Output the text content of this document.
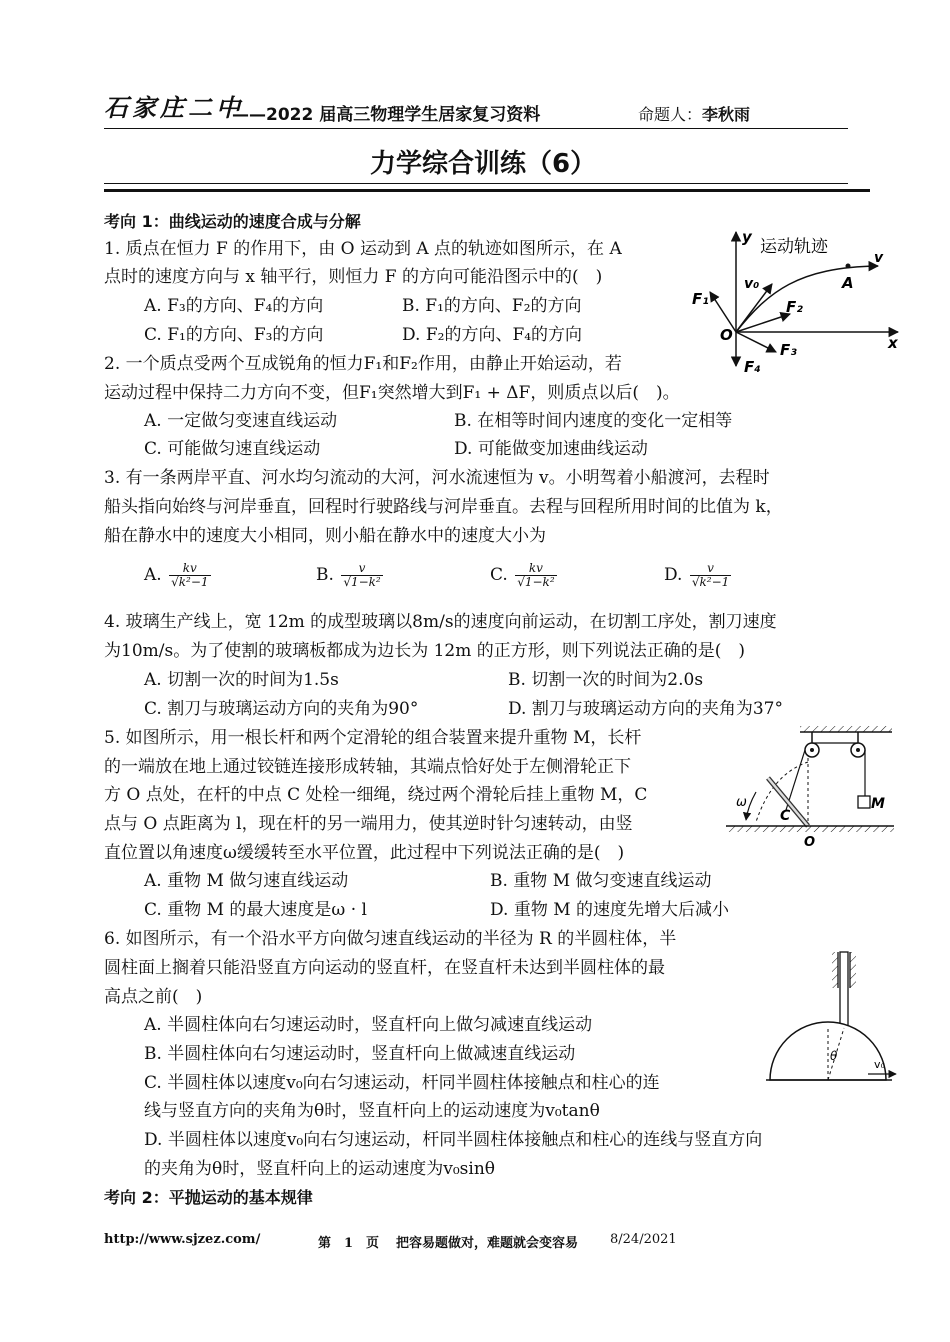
石家庄二中
——2022 届高三物理学生居家复习资料	命题人：李秋雨
力学综合训练（6）
考向 1：曲线运动的速度合成与分解
1. 质点在恒力 F 的作用下，由 O 运动到 A 点的轨迹如图所示，在 A
点时的速度方向与 x 轴平行，则恒力 F 的方向可能沿图示中的(　)
A. F₃的方向、F₄的方向	B. F₁的方向、F₂的方向
C. F₁的方向、F₃的方向	D. F₂的方向、F₄的方向
运动轨迹
y
x
v₀
v
A
O
F₁	F₂
F₃
F₄
2. 一个质点受两个互成锐角的恒力F₁和F₂作用，由静止开始运动，若
运动过程中保持二力方向不变，但F₁突然增大到F₁ + ΔF，则质点以后(　)。
A. 一定做匀变速直线运动	B. 在相等时间内速度的变化一定相等
C. 可能做匀速直线运动	D. 可能做变加速曲线运动
3. 有一条两岸平直、河水均匀流动的大河，河水流速恒为 v。小明驾着小船渡河，去程时
船头指向始终与河岸垂直，回程时行驶路线与河岸垂直。去程与回程所用时间的比值为 k，
船在静水中的速度大小相同，则小船在静水中的速度大小为
A. $\frac{kv}{\text{√k²−1}}$	B. $\frac{v}{\text{√1−k²}}$	C. $\frac{kv}{\text{√1−k²}}$	D. $\frac{v}{\text{√k²−1}}$
4. 玻璃生产线上，宽 12m 的成型玻璃以8m/s的速度向前运动，在切割工序处，割刀速度
为10m/s。为了使割的玻璃板都成为边长为 12m 的正方形，则下列说法正确的是(　)
A. 切割一次的时间为1.5s	B. 切割一次的时间为2.0s
C. 割刀与玻璃运动方向的夹角为90°	D. 割刀与玻璃运动方向的夹角为37°
5. 如图所示，用一根长杆和两个定滑轮的组合装置来提升重物 M，长杆
的一端放在地上通过铰链连接形成转轴，其端点恰好处于左侧滑轮正下
方 O 点处，在杆的中点 C 处栓一细绳，绕过两个滑轮后挂上重物 M，C
点与 O 点距离为 l，现在杆的另一端用力，使其逆时针匀速转动，由竖
直位置以角速度ω缓缓转至水平位置，此过程中下列说法正确的是(　)
A. 重物 M 做匀速直线运动	B. 重物 M 做匀变速直线运动
C. 重物 M 的最大速度是ω · l	D. 重物 M 的速度先增大后减小
ω
C
O
M
6. 如图所示，有一个沿水平方向做匀速直线运动的半径为 R 的半圆柱体，半
圆柱面上搁着只能沿竖直方向运动的竖直杆，在竖直杆未达到半圆柱体的最
高点之前(　)
A. 半圆柱体向右匀速运动时，竖直杆向上做匀减速直线运动
B. 半圆柱体向右匀速运动时，竖直杆向上做减速直线运动
C. 半圆柱体以速度v₀向右匀速运动，杆同半圆柱体接触点和柱心的连
线与竖直方向的夹角为θ时，竖直杆向上的运动速度为v₀tanθ
D. 半圆柱体以速度v₀向右匀速运动，杆同半圆柱体接触点和柱心的连线与竖直方向
的夹角为θ时，竖直杆向上的运动速度为v₀sinθ
θ
v₀
考向 2：平抛运动的基本规律
http://www.sjzez.com/	第　1　页 把容易题做对，难题就会变容易 8/24/2021
